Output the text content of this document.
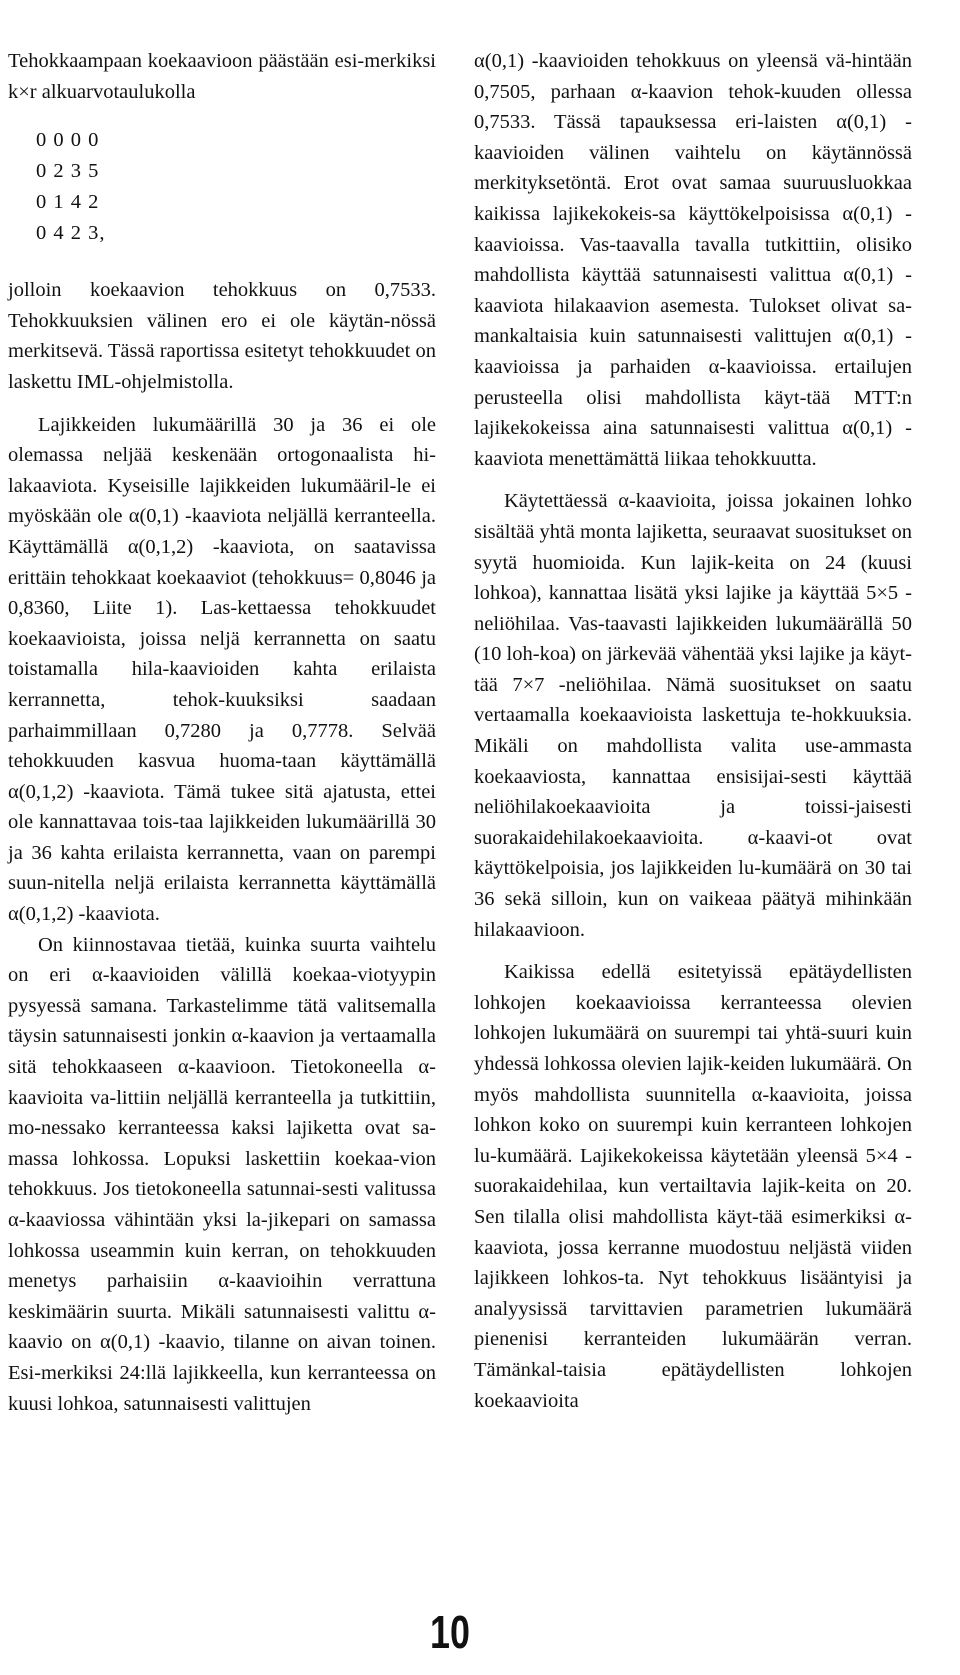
Tehokkaampaan koekaavioon päästään esi-merkiksi k×r alkuarvotaulukolla

0 0 0 0
0 2 3 5
0 1 4 2
0 4 2 3,

jolloin koekaavion tehokkuus on 0,7533. Tehokkuuksien välinen ero ei ole käytän-nössä merkitsevä. Tässä raportissa esitetyt tehokkuudet on laskettu IML-ohjelmistolla.

Lajikkeiden lukumäärillä 30 ja 36 ei ole olemassa neljää keskenään ortogonaalista hi-lakaaviota. Kyseisille lajikkeiden lukumääril-le ei myöskään ole α(0,1) -kaaviota neljällä kerranteella. Käyttämällä α(0,1,2) -kaaviota, on saatavissa erittäin tehokkaat koekaaviot (tehokkuus= 0,8046 ja 0,8360, Liite 1). Las-kettaessa tehokkuudet koekaavioista, joissa neljä kerrannetta on saatu toistamalla hila-kaavioiden kahta erilaista kerrannetta, tehok-kuuksiksi saadaan parhaimmillaan 0,7280 ja 0,7778. Selvää tehokkuuden kasvua huoma-taan käyttämällä α(0,1,2) -kaaviota. Tämä tukee sitä ajatusta, ettei ole kannattavaa tois-taa lajikkeiden lukumäärillä 30 ja 36 kahta erilaista kerrannetta, vaan on parempi suun-nitella neljä erilaista kerrannetta käyttämällä α(0,1,2) -kaaviota.

On kiinnostavaa tietää, kuinka suurta vaihtelu on eri α-kaavioiden välillä koekaa-viotyypin pysyessä samana. Tarkastelimme tätä valitsemalla täysin satunnaisesti jonkin α-kaavion ja vertaamalla sitä tehokkaaseen α-kaavioon. Tietokoneella α-kaavioita va-littiin neljällä kerranteella ja tutkittiin, mo-nessako kerranteessa kaksi lajiketta ovat sa-massa lohkossa. Lopuksi laskettiin koekaa-vion tehokkuus. Jos tietokoneella satunnai-sesti valitussa α-kaaviossa vähintään yksi la-jikepari on samassa lohkossa useammin kuin kerran, on tehokkuuden menetys parhaisiin α-kaavioihin verrattuna keskimäärin suurta. Mikäli satunnaisesti valittu α-kaavio on α(0,1) -kaavio, tilanne on aivan toinen. Esi-merkiksi 24:llä lajikkeella, kun kerranteessa on kuusi lohkoa, satunnaisesti valittujen

α(0,1) -kaavioiden tehokkuus on yleensä vä-hintään 0,7505, parhaan α-kaavion tehok-kuuden ollessa 0,7533. Tässä tapauksessa eri-laisten α(0,1) -kaavioiden välinen vaihtelu on käytännössä merkityksetöntä. Erot ovat samaa suuruusluokkaa kaikissa lajikekokeis-sa käyttökelpoisissa α(0,1) -kaavioissa. Vas-taavalla tavalla tutkittiin, olisiko mahdollista käyttää satunnaisesti valittua α(0,1) -kaaviota hilakaavion asemesta. Tulokset olivat sa-mankaltaisia kuin satunnaisesti valittujen α(0,1) -kaavioissa ja parhaiden α-kaavioissa. ertailujen perusteella olisi mahdollista käyt-tää MTT:n lajikekokeissa aina satunnaisesti valittua α(0,1) -kaaviota menettämättä liikaa tehokkuutta.

Käytettäessä α-kaavioita, joissa jokainen lohko sisältää yhtä monta lajiketta, seuraavat suositukset on syytä huomioida. Kun lajik-keita on 24 (kuusi lohkoa), kannattaa lisätä yksi lajike ja käyttää 5×5 -neliöhilaa. Vas-taavasti lajikkeiden lukumäärällä 50 (10 loh-koa) on järkevää vähentää yksi lajike ja käyt-tää 7×7 -neliöhilaa. Nämä suositukset on saatu vertaamalla koekaavioista laskettuja te-hokkuuksia. Mikäli on mahdollista valita use-ammasta koekaaviosta, kannattaa ensisijai-sesti käyttää neliöhilakoekaavioita ja toissi-jaisesti suorakaidehilakoekaavioita. α-kaavi-ot ovat käyttökelpoisia, jos lajikkeiden lu-kumäärä on 30 tai 36 sekä silloin, kun on vaikeaa päätyä mihinkään hilakaavioon.

Kaikissa edellä esitetyissä epätäydellisten lohkojen koekaavioissa kerranteessa olevien lohkojen lukumäärä on suurempi tai yhtä-suuri kuin yhdessä lohkossa olevien lajik-keiden lukumäärä. On myös mahdollista suunnitella α-kaavioita, joissa lohkon koko on suurempi kuin kerranteen lohkojen lu-kumäärä. Lajikekokeissa käytetään yleensä 5×4 -suorakaidehilaa, kun vertailtavia lajik-keita on 20. Sen tilalla olisi mahdollista käyt-tää esimerkiksi α-kaaviota, jossa kerranne muodostuu neljästä viiden lajikkeen lohkos-ta. Nyt tehokkuus lisääntyisi ja analyysissä tarvittavien parametrien lukumäärä pienenisi kerranteiden lukumäärän verran. Tämänkal-taisia epätäydellisten lohkojen koekaavioita

10
